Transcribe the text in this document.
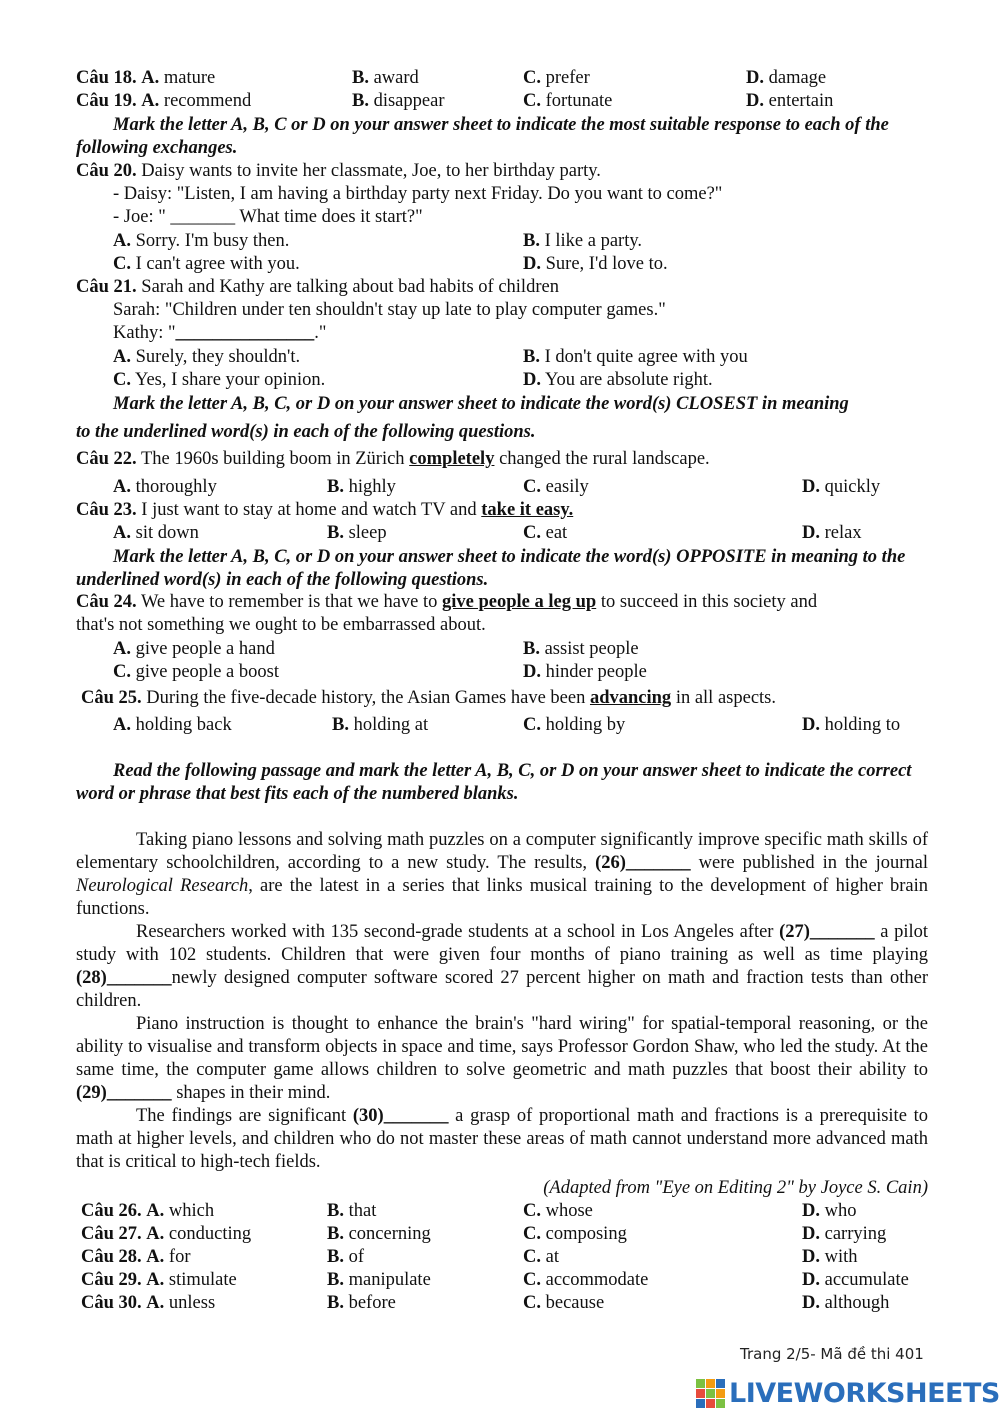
Câu 18. A. mature	B. award	C. prefer	D. damage
Câu 19. A. recommend	B. disappear	C. fortunate	D. entertain
Mark the letter A, B, C or D on your answer sheet to indicate the most suitable response to each of the following exchanges.
Câu 20. Daisy wants to invite her classmate, Joe, to her birthday party.
- Daisy: "Listen, I am having a birthday party next Friday. Do you want to come?"
- Joe: " _______ What time does it start?"
A. Sorry. I'm busy then.	B. I like a party.
C. I can't agree with you.	D. Sure, I'd love to.
Câu 21. Sarah and Kathy are talking about bad habits of children
Sarah: "Children under ten shouldn't stay up late to play computer games."
Kathy: "_______________."
A. Surely, they shouldn't.	B. I don't quite agree with you
C. Yes, I share your opinion.	D. You are absolute right.
Mark the letter A, B, C, or D on your answer sheet to indicate the word(s) CLOSEST in meaning
to the underlined word(s) in each of the following questions.
Câu 22. The 1960s building boom in Zürich completely changed the rural landscape.
A. thoroughly	B. highly	C. easily	D. quickly
Câu 23. I just want to stay at home and watch TV and take it easy.
A. sit down	B. sleep	C. eat	D. relax
Mark the letter A, B, C, or D on your answer sheet to indicate the word(s) OPPOSITE in meaning to the underlined word(s) in each of the following questions.
Câu 24. We have to remember is that we have to give people a leg up to succeed in this society and
that's not something we ought to be embarrassed about.
A. give people a hand	B. assist people
C. give people a boost	D. hinder people
Câu 25. During the five-decade history, the Asian Games have been advancing in all aspects.
A. holding back	B. holding at	C. holding by	D. holding to
Read the following passage and mark the letter A, B, C, or D on your answer sheet to indicate the correct word or phrase that best fits each of the numbered blanks.

Taking piano lessons and solving math puzzles on a computer significantly improve specific math skills of elementary schoolchildren, according to a new study. The results, (26)_______ were published in the journal Neurological Research, are the latest in a series that links musical training to the development of higher brain functions.

Researchers worked with 135 second-grade students at a school in Los Angeles after (27)_______ a pilot study with 102 students. Children that were given four months of piano training as well as time playing (28)_______newly designed computer software scored 27 percent higher on math and fraction tests than other children.

Piano instruction is thought to enhance the brain's "hard wiring" for spatial-temporal reasoning, or the ability to visualise and transform objects in space and time, says Professor Gordon Shaw, who led the study. At the same time, the computer game allows children to solve geometric and math puzzles that boost their ability to (29)_______ shapes in their mind.

The findings are significant (30)_______ a grasp of proportional math and fractions is a prerequisite to math at higher levels, and children who do not master these areas of math cannot understand more advanced math that is critical to high-tech fields.

(Adapted from "Eye on Editing 2" by Joyce S. Cain)
Câu 26. A. which	B. that	C. whose	D. who
Câu 27. A. conducting	B. concerning	C. composing	D. carrying
Câu 28. A. for	B. of	C. at	D. with
Câu 29. A. stimulate	B. manipulate	C. accommodate	D. accumulate
Câu 30. A. unless	B. before	C. because	D. although
Trang 2/5- Mã đề thi 401
LIVEWORKSHEETS
